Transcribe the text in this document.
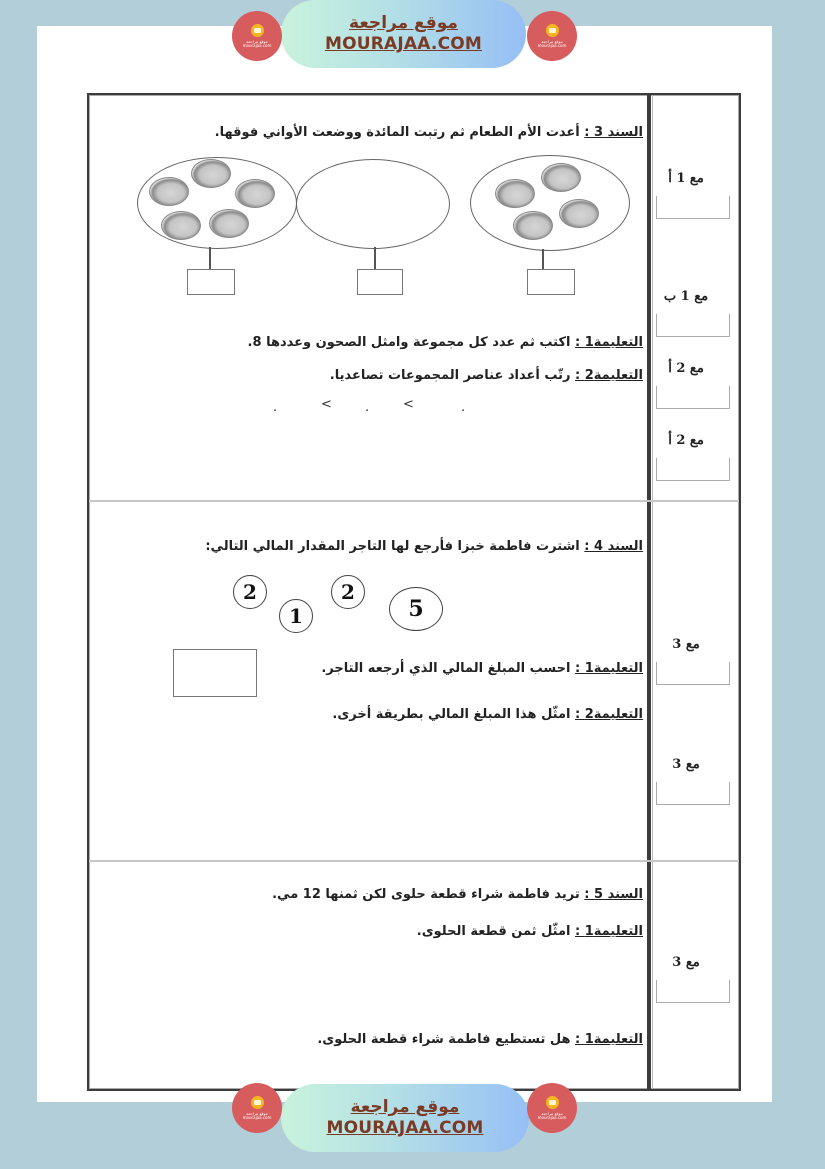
موقع مراجعة mourajaa.com
موقع مراجعة
MOURAJAA.COM	موقع مراجعة mourajaa.com
السند 3 : أعدت الأم الطعام ثم رتبت المائدة ووضعت الأواني فوقها.
التعليمة1 : اكتب ثم عدد كل مجموعة وامثل الصحون وعددها 8.
التعليمة2 : رتّب أعداد عناصر المجموعات تصاعديا.
.	<	.	<	.
مع 1 أ
مع 1 ب
مع 2 أ
مع 2 أ
السند 4 : اشترت فاطمة خبزا فأرجع لها التاجر المقدار المالي التالي:
2
1
2
5
التعليمة1 : احسب المبلغ المالي الذي أرجعه التاجر.
التعليمة2 : امثّل هذا المبلغ المالي بطريقة أخرى.
مع 3
مع 3
السند 5 : تريد فاطمة شراء قطعة حلوى لكن ثمنها 12 مي.
التعليمة1 : امثّل ثمن قطعة الحلوى.
التعليمة1 : هل تستطيع فاطمة شراء قطعة الحلوى.
مع 3
موقع مراجعة mourajaa.com
موقع مراجعة
MOURAJAA.COM
موقع مراجعة mourajaa.com
